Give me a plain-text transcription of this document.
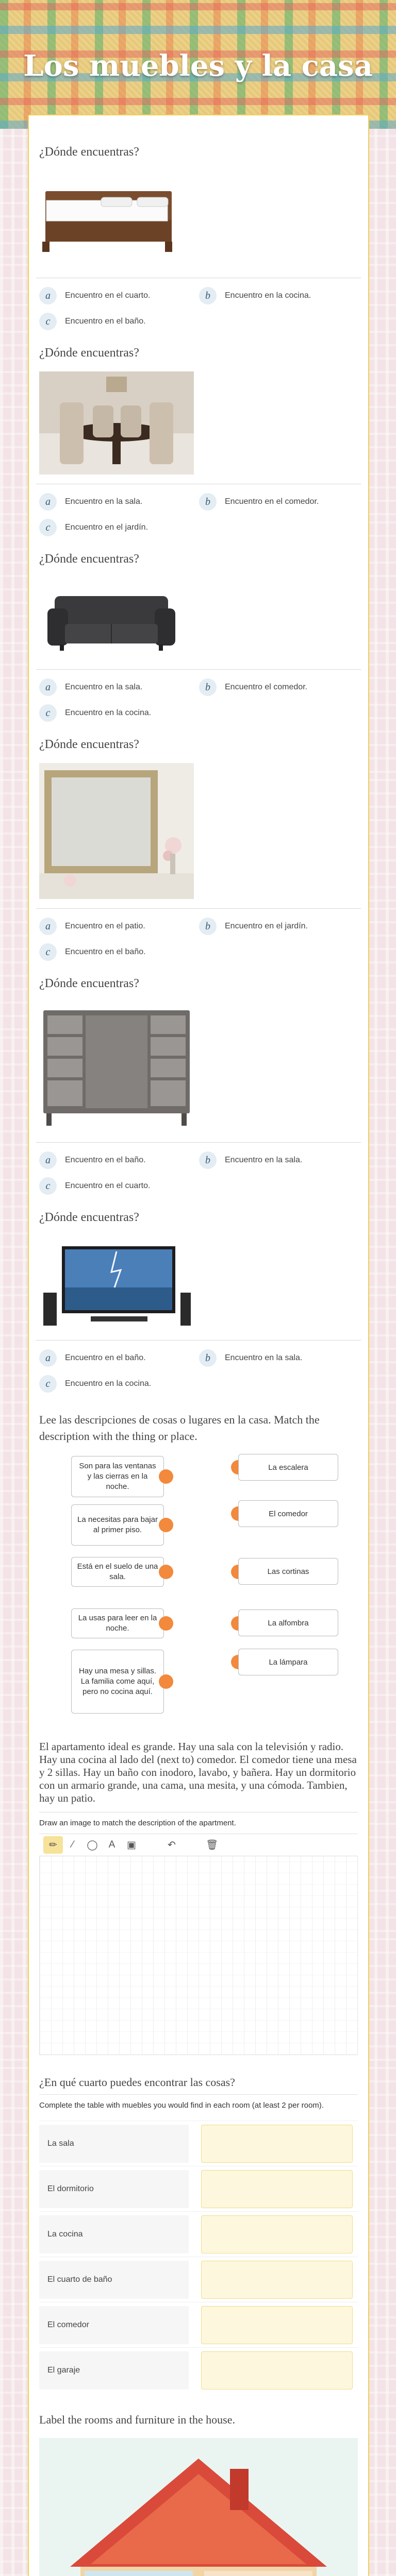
Los muebles y la casa
¿Dónde encuentras?
a	Encuentro en el cuarto.	b	Encuentro en la cocina.
c	Encuentro en el baño.
¿Dónde encuentras?
a	Encuentro en la sala.	b	Encuentro en el comedor.
c	Encuentro en el jardín.
¿Dónde encuentras?
a	Encuentro en la sala.	b	Encuentro el comedor.
c	Encuentro en la cocina.
¿Dónde encuentras?
a	Encuentro en el patio.	b	Encuentro en el jardín.
c	Encuentro en el baño.
¿Dónde encuentras?
a	Encuentro en el baño.	b	Encuentro en la sala.
c	Encuentro en el cuarto.
¿Dónde encuentras?
a	Encuentro en el baño.	b	Encuentro en la sala.
c	Encuentro en la cocina.
Lee las descripciones de cosas o lugares en la casa. Match the description with the thing or place.
Son para las ventanas y las cierras en la noche.
La escalera
La necesitas para bajar al primer piso.
El comedor
Está en el suelo de una sala.
Las cortinas
La usas para leer en la noche.
La alfombra
Hay una mesa y sillas. La familia come aquí, pero no cocina aquí.
La lámpara
El apartamento ideal es grande. Hay una sala con la televisión y radio. Hay una cocina al lado del (next to) comedor. El comedor tiene una mesa y 2 sillas. Hay un baño con inodoro, lavabo, y bañera. Hay un dormitorio con un armario grande, una cama, una mesita, y una cómoda. Tambien, hay un patio.
Draw an image to match the description of the apartment.
✏	⁄	◯	A	▣	↶	🗑
¿En qué cuarto puedes encontrar las cosas?
Complete the table with muebles you would find in each room (at least 2 per room).
La sala
El dormitorio
La cocina
El cuarto de baño
El comedor
El garaje
Label the rooms and furniture in the house.
